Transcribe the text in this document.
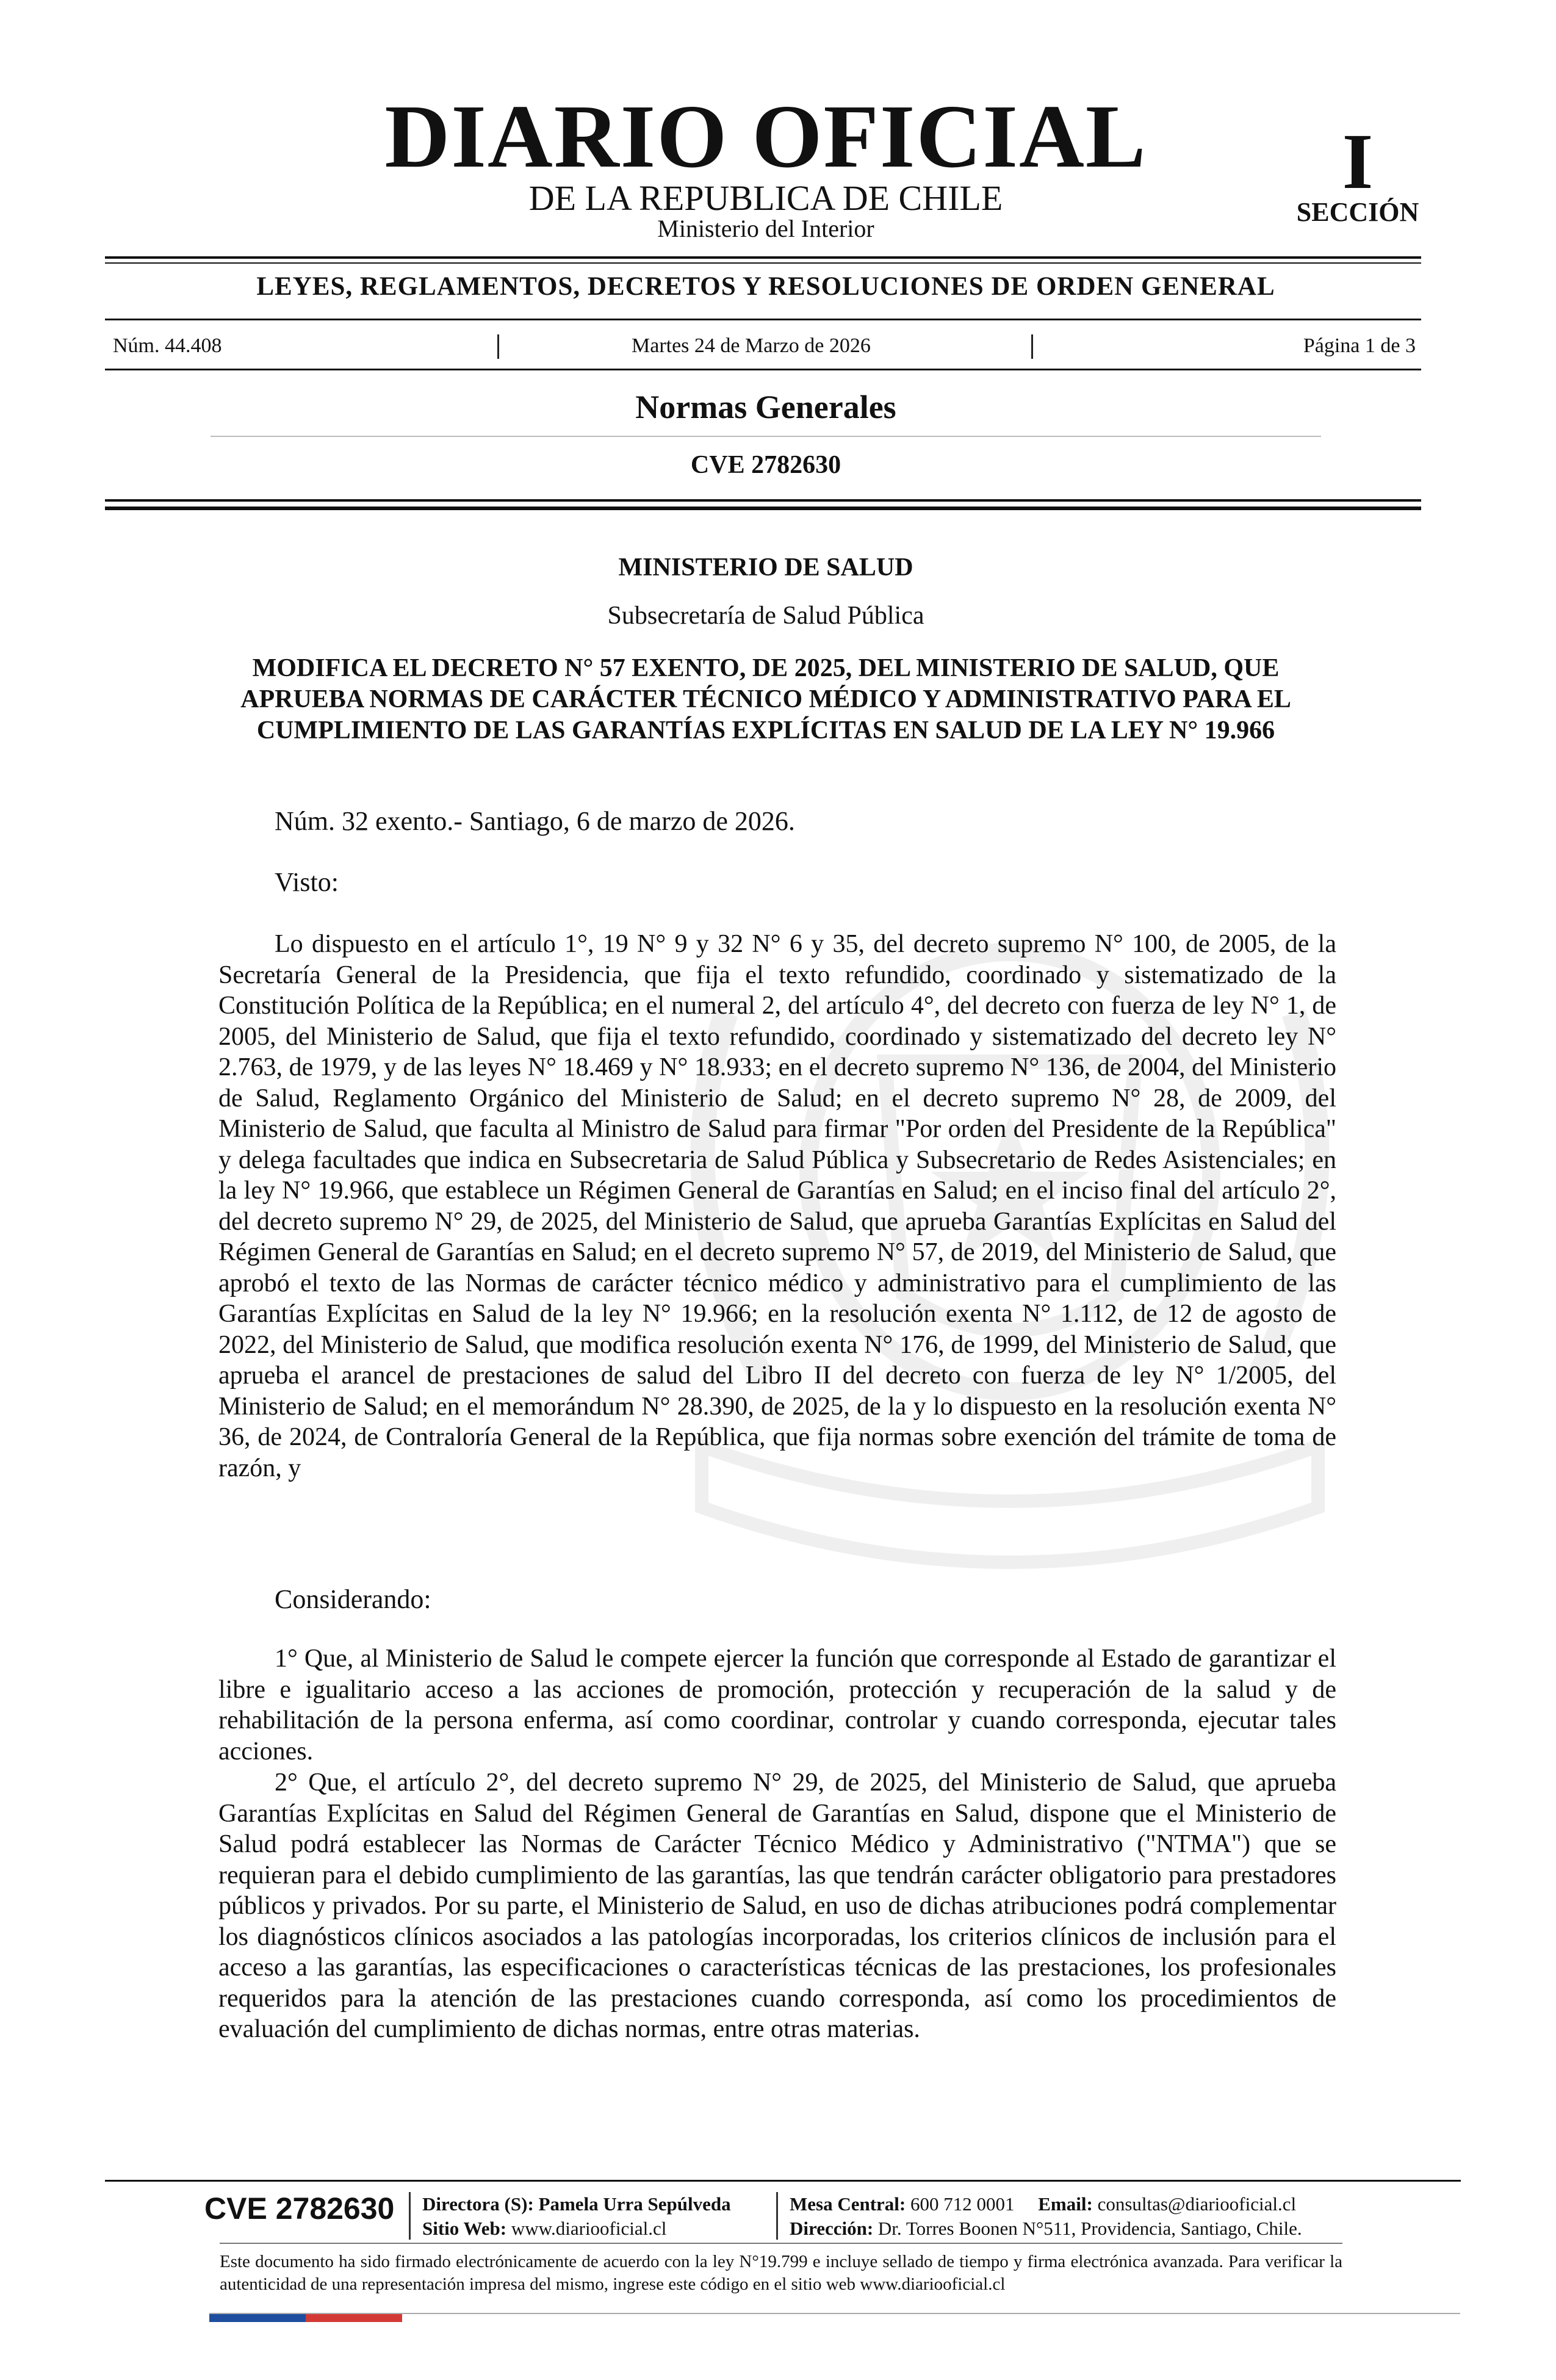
DIARIO OFICIAL
DE LA REPUBLICA DE CHILE
Ministerio del Interior
I
SECCIÓN
LEYES, REGLAMENTOS, DECRETOS Y RESOLUCIONES DE ORDEN GENERAL
Núm. 44.408	Martes 24 de Marzo de 2026	Página 1 de 3
Normas Generales
CVE 2782630
MINISTERIO DE SALUD
Subsecretaría de Salud Pública
MODIFICA EL DECRETO N° 57 EXENTO, DE 2025, DEL MINISTERIO DE SALUD, QUE APRUEBA NORMAS DE CARÁCTER TÉCNICO MÉDICO Y ADMINISTRATIVO PARA EL CUMPLIMIENTO DE LAS GARANTÍAS EXPLÍCITAS EN SALUD DE LA LEY N° 19.966
Núm. 32 exento.- Santiago, 6 de marzo de 2026.
Visto:
Lo dispuesto en el artículo 1°, 19 N° 9 y 32 N° 6 y 35, del decreto supremo N° 100, de 2005, de la Secretaría General de la Presidencia, que fija el texto refundido, coordinado y sistematizado de la Constitución Política de la República; en el numeral 2, del artículo 4°, del decreto con fuerza de ley N° 1, de 2005, del Ministerio de Salud, que fija el texto refundido, coordinado y sistematizado del decreto ley N° 2.763, de 1979, y de las leyes N° 18.469 y N° 18.933; en el decreto supremo N° 136, de 2004, del Ministerio de Salud, Reglamento Orgánico del Ministerio de Salud; en el decreto supremo N° 28, de 2009, del Ministerio de Salud, que faculta al Ministro de Salud para firmar "Por orden del Presidente de la República" y delega facultades que indica en Subsecretaria de Salud Pública y Subsecretario de Redes Asistenciales; en la ley N° 19.966, que establece un Régimen General de Garantías en Salud; en el inciso final del artículo 2°, del decreto supremo N° 29, de 2025, del Ministerio de Salud, que aprueba Garantías Explícitas en Salud del Régimen General de Garantías en Salud; en el decreto supremo N° 57, de 2019, del Ministerio de Salud, que aprobó el texto de las Normas de carácter técnico médico y administrativo para el cumplimiento de las Garantías Explícitas en Salud de la ley N° 19.966; en la resolución exenta N° 1.112, de 12 de agosto de 2022, del Ministerio de Salud, que modifica resolución exenta N° 176, de 1999, del Ministerio de Salud, que aprueba el arancel de prestaciones de salud del Libro II del decreto con fuerza de ley N° 1/2005, del Ministerio de Salud; en el memorándum N° 28.390, de 2025, de la y lo dispuesto en la resolución exenta N° 36, de 2024, de Contraloría General de la República, que fija normas sobre exención del trámite de toma de razón, y
Considerando:
1° Que, al Ministerio de Salud le compete ejercer la función que corresponde al Estado de garantizar el libre e igualitario acceso a las acciones de promoción, protección y recuperación de la salud y de rehabilitación de la persona enferma, así como coordinar, controlar y cuando corresponda, ejecutar tales acciones.
2° Que, el artículo 2°, del decreto supremo N° 29, de 2025, del Ministerio de Salud, que aprueba Garantías Explícitas en Salud del Régimen General de Garantías en Salud, dispone que el Ministerio de Salud podrá establecer las Normas de Carácter Técnico Médico y Administrativo ("NTMA") que se requieran para el debido cumplimiento de las garantías, las que tendrán carácter obligatorio para prestadores públicos y privados. Por su parte, el Ministerio de Salud, en uso de dichas atribuciones podrá complementar los diagnósticos clínicos asociados a las patologías incorporadas, los criterios clínicos de inclusión para el acceso a las garantías, las especificaciones o características técnicas de las prestaciones, los profesionales requeridos para la atención de las prestaciones cuando corresponda, así como los procedimientos de evaluación del cumplimiento de dichas normas, entre otras materias.
CVE 2782630 Directora (S): Pamela Urra Sepúlveda
Sitio Web: www.diariooficial.cl
Mesa Central: 600 712 0001 Email: consultas@diariooficial.cl
Dirección: Dr. Torres Boonen N°511, Providencia, Santiago, Chile.
Este documento ha sido firmado electrónicamente de acuerdo con la ley N°19.799 e incluye sellado de tiempo y firma electrónica avanzada. Para verificar la autenticidad de una representación impresa del mismo, ingrese este código en el sitio web www.diariooficial.cl
